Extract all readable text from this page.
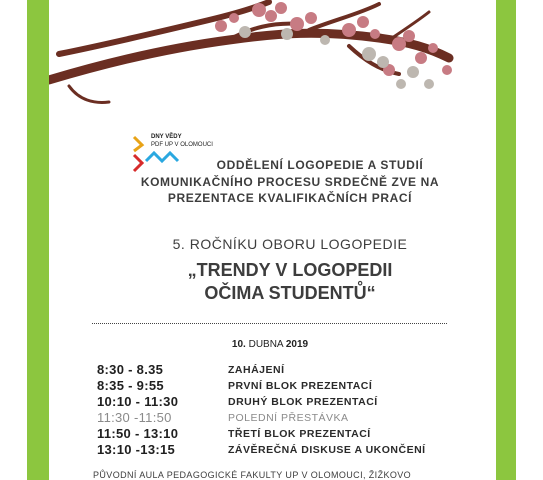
DNY VĚDY
PDF UP V OLOMOUCI
ODDĚLENÍ LOGOPEDIE A STUDIÍ
KOMUNIKAČNÍHO PROCESU SRDEČNĚ ZVE NA
PREZENTACE KVALIFIKAČNÍCH PRACÍ
5. ROČNÍKU OBORU LOGOPEDIE
„TRENDY V LOGOPEDII
OČIMA STUDENTŮ“
10. DUBNA 2019
8:30 - 8.35	ZAHÁJENÍ
8:35 - 9:55	PRVNÍ BLOK PREZENTACÍ
10:10 - 11:30	DRUHÝ BLOK PREZENTACÍ
11:30 -11:50	POLEDNÍ PŘESTÁVKA
11:50 - 13:10	TŘETÍ BLOK PREZENTACÍ
13:10 -13:15	ZÁVĚREČNÁ DISKUSE A UKONČENÍ
PŮVODNÍ AULA PEDAGOGICKÉ FAKULTY UP V OLOMOUCI, ŽIŽKOVO
